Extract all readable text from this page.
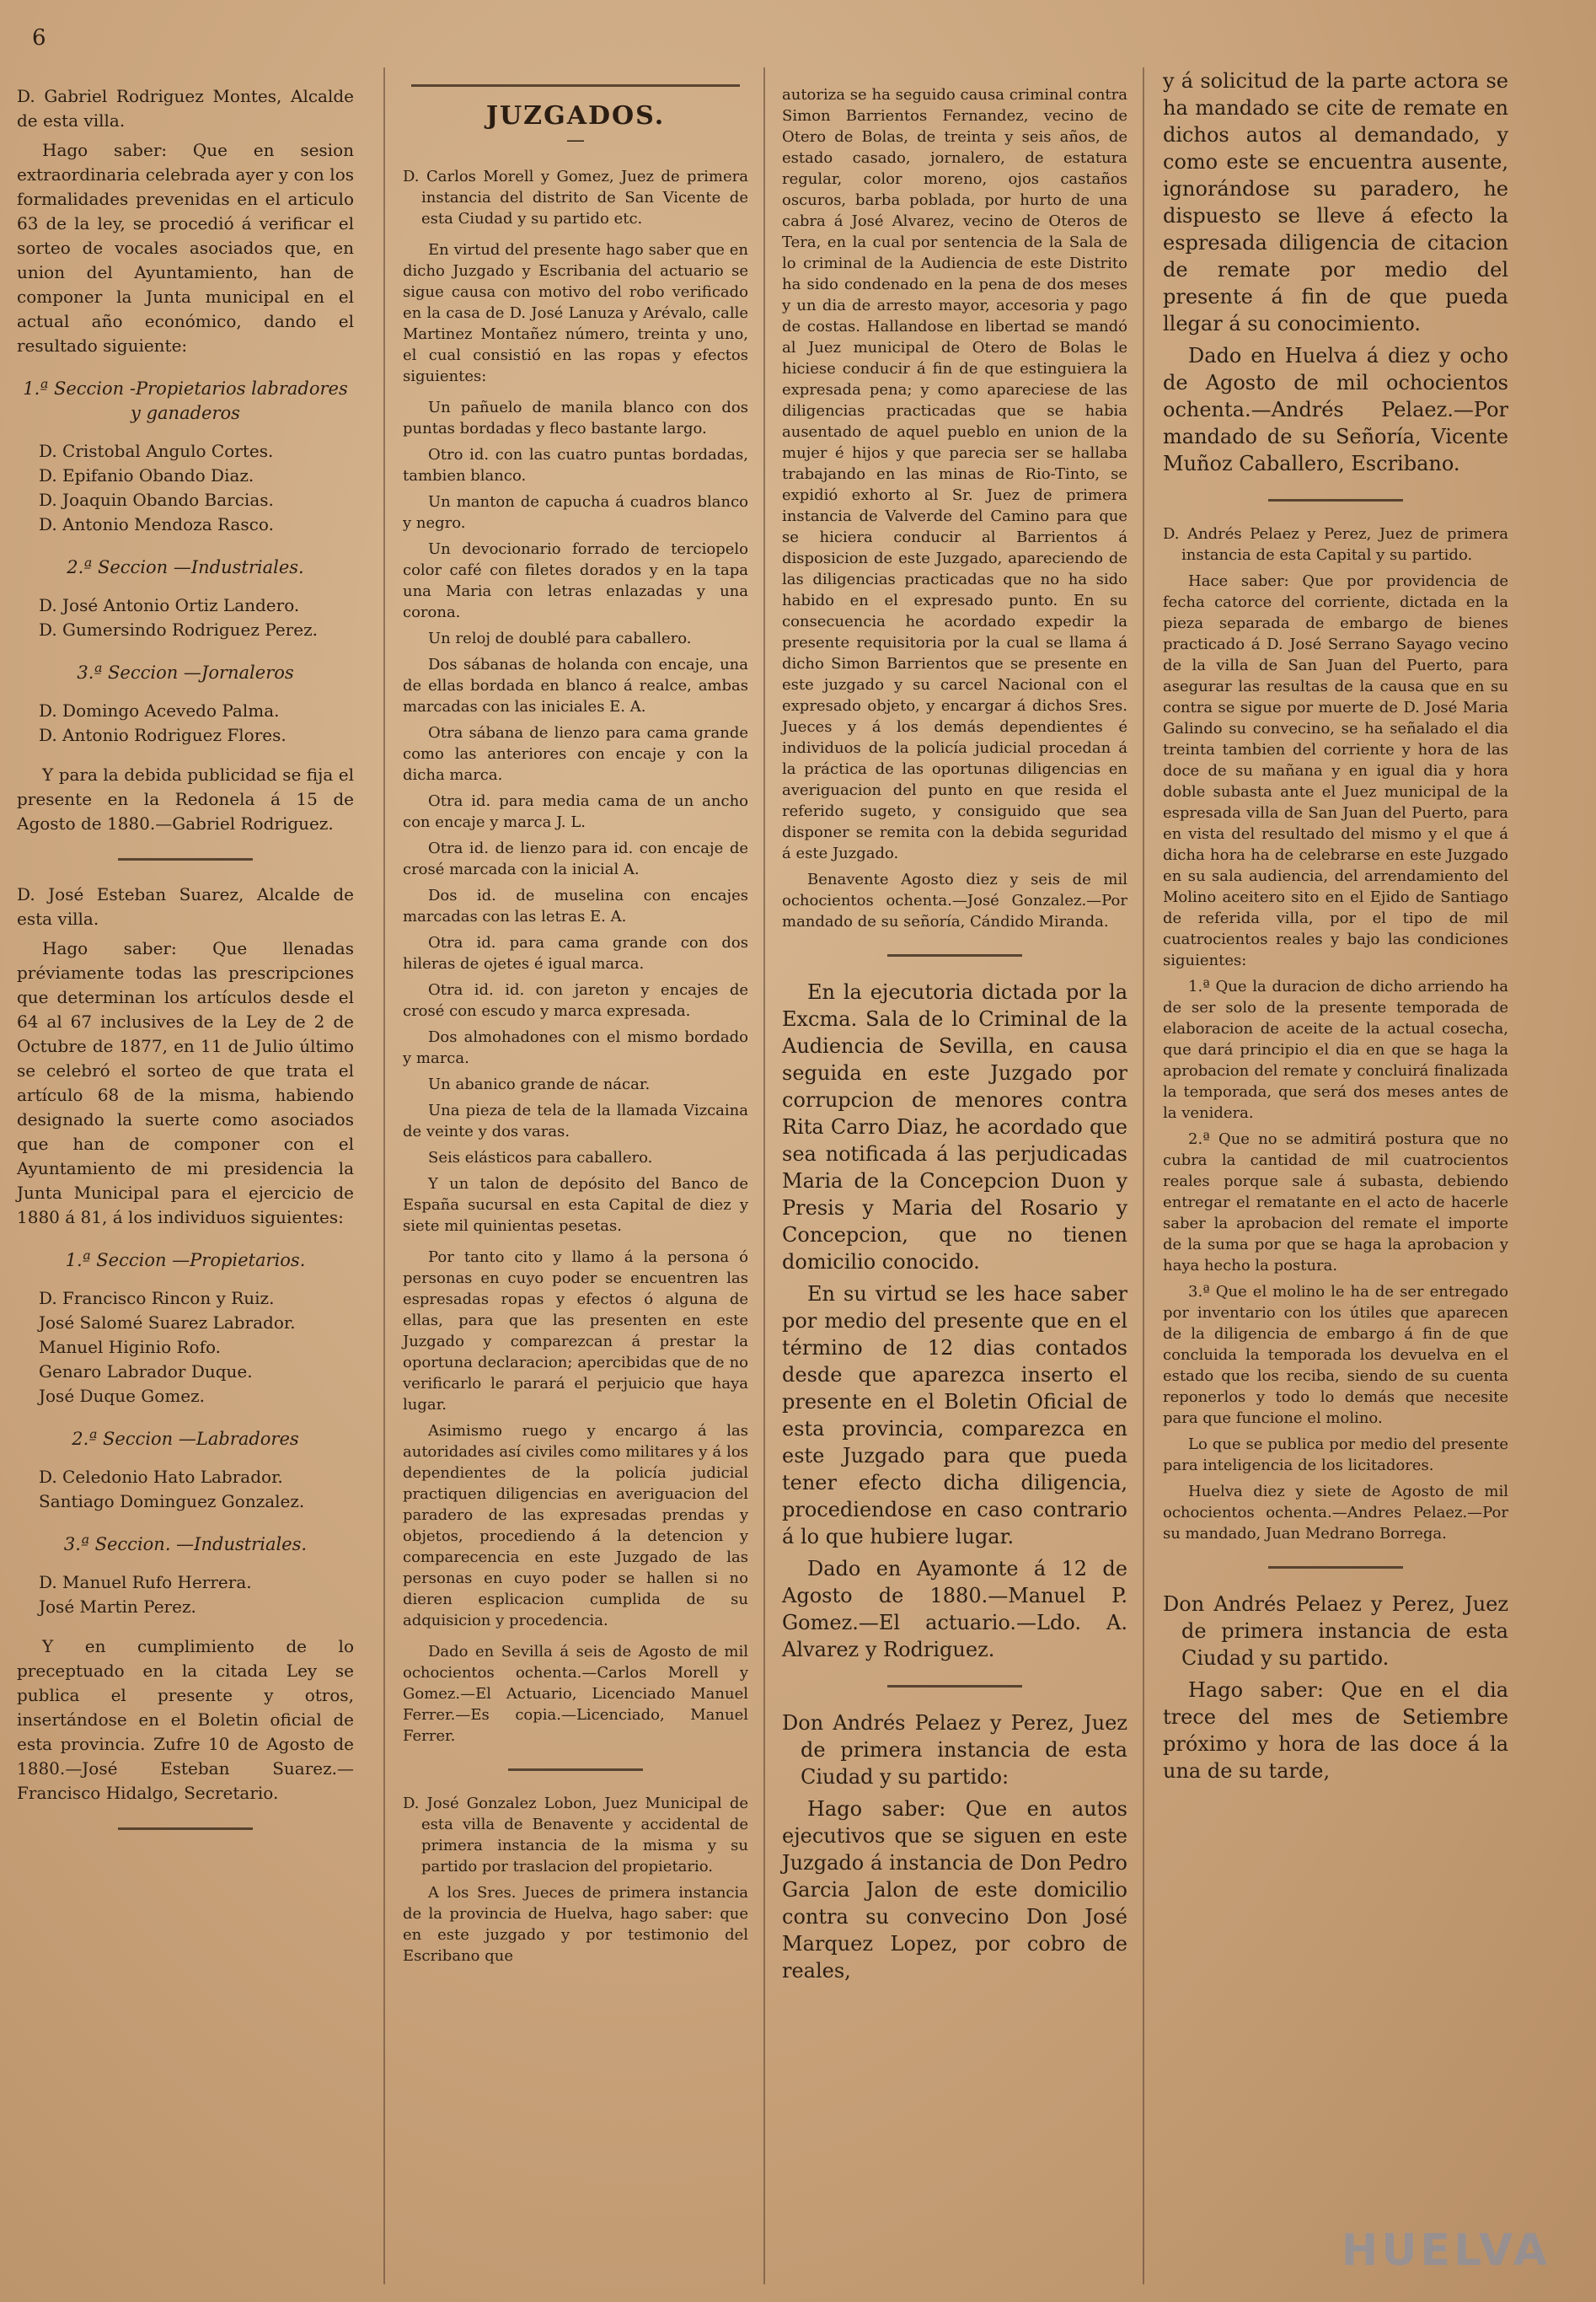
6

D. Gabriel Rodriguez Montes, Alcalde de esta villa.

Hago saber: Que en sesion extraordinaria celebrada ayer y con los formalidades prevenidas en el articulo 63 de la ley, se procedió á verificar el sorteo de vocales asociados que, en union del Ayuntamiento, han de componer la Junta municipal en el actual año económico, dando el resultado siguiente:

1.ª Seccion -Propietarios labradores y ganaderos

D. Cristobal Angulo Cortes.

D. Epifanio Obando Diaz.

D. Joaquin Obando Barcias.

D. Antonio Mendoza Rasco.

2.ª Seccion —Industriales.

D. José Antonio Ortiz Landero.

D. Gumersindo Rodriguez Perez.

3.ª Seccion —Jornaleros

D. Domingo Acevedo Palma.

D. Antonio Rodriguez Flores.

Y para la debida publicidad se fija el presente en la Redonela á 15 de Agosto de 1880.—Gabriel Rodriguez.

D. José Esteban Suarez, Alcalde de esta villa.

Hago saber: Que llenadas préviamente todas las prescripciones que determinan los artículos desde el 64 al 67 inclusives de la Ley de 2 de Octubre de 1877, en 11 de Julio último se celebró el sorteo de que trata el artículo 68 de la misma, habiendo designado la suerte como asociados que han de componer con el Ayuntamiento de mi presidencia la Junta Municipal para el ejercicio de 1880 á 81, á los individuos siguientes:

1.ª Seccion —Propietarios.

D. Francisco Rincon y Ruiz.

José Salomé Suarez Labrador.

Manuel Higinio Rofo.

Genaro Labrador Duque.

José Duque Gomez.

2.ª Seccion —Labradores

D. Celedonio Hato Labrador.

Santiago Dominguez Gonzalez.

3.ª Seccion. —Industriales.

D. Manuel Rufo Herrera.

José Martin Perez.

Y en cumplimiento de lo preceptuado en la citada Ley se publica el presente y otros, insertándose en el Boletin oficial de esta provincia. Zufre 10 de Agosto de 1880.—José Esteban Suarez.—Francisco Hidalgo, Secretario.

JUZGADOS.

—

D. Carlos Morell y Gomez, Juez de primera instancia del distrito de San Vicente de esta Ciudad y su partido etc.

En virtud del presente hago saber que en dicho Juzgado y Escribania del actuario se sigue causa con motivo del robo verificado en la casa de D. José Lanuza y Arévalo, calle Martinez Montañez número, treinta y uno, el cual consistió en las ropas y efectos siguientes:

Un pañuelo de manila blanco con dos puntas bordadas y fleco bastante largo.

Otro id. con las cuatro puntas bordadas, tambien blanco.

Un manton de capucha á cuadros blanco y negro.

Un devocionario forrado de terciopelo color café con filetes dorados y en la tapa una Maria con letras enlazadas y una corona.

Un reloj de doublé para caballero.

Dos sábanas de holanda con encaje, una de ellas bordada en blanco á realce, ambas marcadas con las iniciales E. A.

Otra sábana de lienzo para cama grande como las anteriores con encaje y con la dicha marca.

Otra id. para media cama de un ancho con encaje y marca J. L.

Otra id. de lienzo para id. con encaje de crosé marcada con la inicial A.

Dos id. de muselina con encajes marcadas con las letras E. A.

Otra id. para cama grande con dos hileras de ojetes é igual marca.

Otra id. id. con jareton y encajes de crosé con escudo y marca expresada.

Dos almohadones con el mismo bordado y marca.

Un abanico grande de nácar.

Una pieza de tela de la llamada Vizcaina de veinte y dos varas.

Seis elásticos para caballero.

Y un talon de depósito del Banco de España sucursal en esta Capital de diez y siete mil quinientas pesetas.

Por tanto cito y llamo á la persona ó personas en cuyo poder se encuentren las espresadas ropas y efectos ó alguna de ellas, para que las presenten en este Juzgado y comparezcan á prestar la oportuna declaracion; apercibidas que de no verificarlo le parará el perjuicio que haya lugar.

Asimismo ruego y encargo á las autoridades así civiles como militares y á los dependientes de la policía judicial practiquen diligencias en averiguacion del paradero de las expresadas prendas y objetos, procediendo á la detencion y comparecencia en este Juzgado de las personas en cuyo poder se hallen si no dieren esplicacion cumplida de su adquisicion y procedencia.

Dado en Sevilla á seis de Agosto de mil ochocientos ochenta.—Carlos Morell y Gomez.—El Actuario, Licenciado Manuel Ferrer.—Es copia.—Licenciado, Manuel Ferrer.

D. José Gonzalez Lobon, Juez Municipal de esta villa de Benavente y accidental de primera instancia de la misma y su partido por traslacion del propietario.

A los Sres. Jueces de primera instancia de la provincia de Huelva, hago saber: que en este juzgado y por testimonio del Escribano que

autoriza se ha seguido causa criminal contra Simon Barrientos Fernandez, vecino de Otero de Bolas, de treinta y seis años, de estado casado, jornalero, de estatura regular, color moreno, ojos castaños oscuros, barba poblada, por hurto de una cabra á José Alvarez, vecino de Oteros de Tera, en la cual por sentencia de la Sala de lo criminal de la Audiencia de este Distrito ha sido condenado en la pena de dos meses y un dia de arresto mayor, accesoria y pago de costas. Hallandose en libertad se mandó al Juez municipal de Otero de Bolas le hiciese conducir á fin de que estinguiera la expresada pena; y como apareciese de las diligencias practicadas que se habia ausentado de aquel pueblo en union de la mujer é hijos y que parecia ser se hallaba trabajando en las minas de Rio-Tinto, se expidió exhorto al Sr. Juez de primera instancia de Valverde del Camino para que se hiciera conducir al Barrientos á disposicion de este Juzgado, apareciendo de las diligencias practicadas que no ha sido habido en el expresado punto. En su consecuencia he acordado expedir la presente requisitoria por la cual se llama á dicho Simon Barrientos que se presente en este juzgado y su carcel Nacional con el expresado objeto, y encargar á dichos Sres. Jueces y á los demás dependientes é individuos de la policía judicial procedan á la práctica de las oportunas diligencias en averiguacion del punto en que resida el referido sugeto, y consiguido que sea disponer se remita con la debida seguridad á este Juzgado.

Benavente Agosto diez y seis de mil ochocientos ochenta.—José Gonzalez.—Por mandado de su señoría, Cándido Miranda.

En la ejecutoria dictada por la Excma. Sala de lo Criminal de la Audiencia de Sevilla, en causa seguida en este Juzgado por corrupcion de menores contra Rita Carro Diaz, he acordado que sea notificada á las perjudicadas Maria de la Concepcion Duon y Presis y Maria del Rosario y Concepcion, que no tienen domicilio conocido.

En su virtud se les hace saber por medio del presente que en el término de 12 dias contados desde que aparezca inserto el presente en el Boletin Oficial de esta provincia, comparezca en este Juzgado para que pueda tener efecto dicha diligencia, procediendose en caso contrario á lo que hubiere lugar.

Dado en Ayamonte á 12 de Agosto de 1880.—Manuel P. Gomez.—El actuario.—Ldo. A. Alvarez y Rodriguez.

Don Andrés Pelaez y Perez, Juez de primera instancia de esta Ciudad y su partido:

Hago saber: Que en autos ejecutivos que se siguen en este Juzgado á instancia de Don Pedro Garcia Jalon de este domicilio contra su convecino Don José Marquez Lopez, por cobro de reales,

y á solicitud de la parte actora se ha mandado se cite de remate en dichos autos al demandado, y como este se encuentra ausente, ignorándose su paradero, he dispuesto se lleve á efecto la espresada diligencia de citacion de remate por medio del presente á fin de que pueda llegar á su conocimiento.

Dado en Huelva á diez y ocho de Agosto de mil ochocientos ochenta.—Andrés Pelaez.—Por mandado de su Señoría, Vicente Muñoz Caballero, Escribano.

D. Andrés Pelaez y Perez, Juez de primera instancia de esta Capital y su partido.

Hace saber: Que por providencia de fecha catorce del corriente, dictada en la pieza separada de embargo de bienes practicado á D. José Serrano Sayago vecino de la villa de San Juan del Puerto, para asegurar las resultas de la causa que en su contra se sigue por muerte de D. José Maria Galindo su convecino, se ha señalado el dia treinta tambien del corriente y hora de las doce de su mañana y en igual dia y hora doble subasta ante el Juez municipal de la espresada villa de San Juan del Puerto, para en vista del resultado del mismo y el que á dicha hora ha de celebrarse en este Juzgado en su sala audiencia, del arrendamiento del Molino aceitero sito en el Ejido de Santiago de referida villa, por el tipo de mil cuatrocientos reales y bajo las condiciones siguientes:

1.ª Que la duracion de dicho arriendo ha de ser solo de la presente temporada de elaboracion de aceite de la actual cosecha, que dará principio el dia en que se haga la aprobacion del remate y concluirá finalizada la temporada, que será dos meses antes de la venidera.

2.ª Que no se admitirá postura que no cubra la cantidad de mil cuatrocientos reales porque sale á subasta, debiendo entregar el rematante en el acto de hacerle saber la aprobacion del remate el importe de la suma por que se haga la aprobacion y haya hecho la postura.

3.ª Que el molino le ha de ser entregado por inventario con los útiles que aparecen de la diligencia de embargo á fin de que concluida la temporada los devuelva en el estado que los reciba, siendo de su cuenta reponerlos y todo lo demás que necesite para que funcione el molino.

Lo que se publica por medio del presente para inteligencia de los licitadores.

Huelva diez y siete de Agosto de mil ochocientos ochenta.—Andres Pelaez.—Por su mandado, Juan Medrano Borrega.

Don Andrés Pelaez y Perez, Juez de primera instancia de esta Ciudad y su partido.

Hago saber: Que en el dia trece del mes de Setiembre próximo y hora de las doce á la una de su tarde,

HUELVA
